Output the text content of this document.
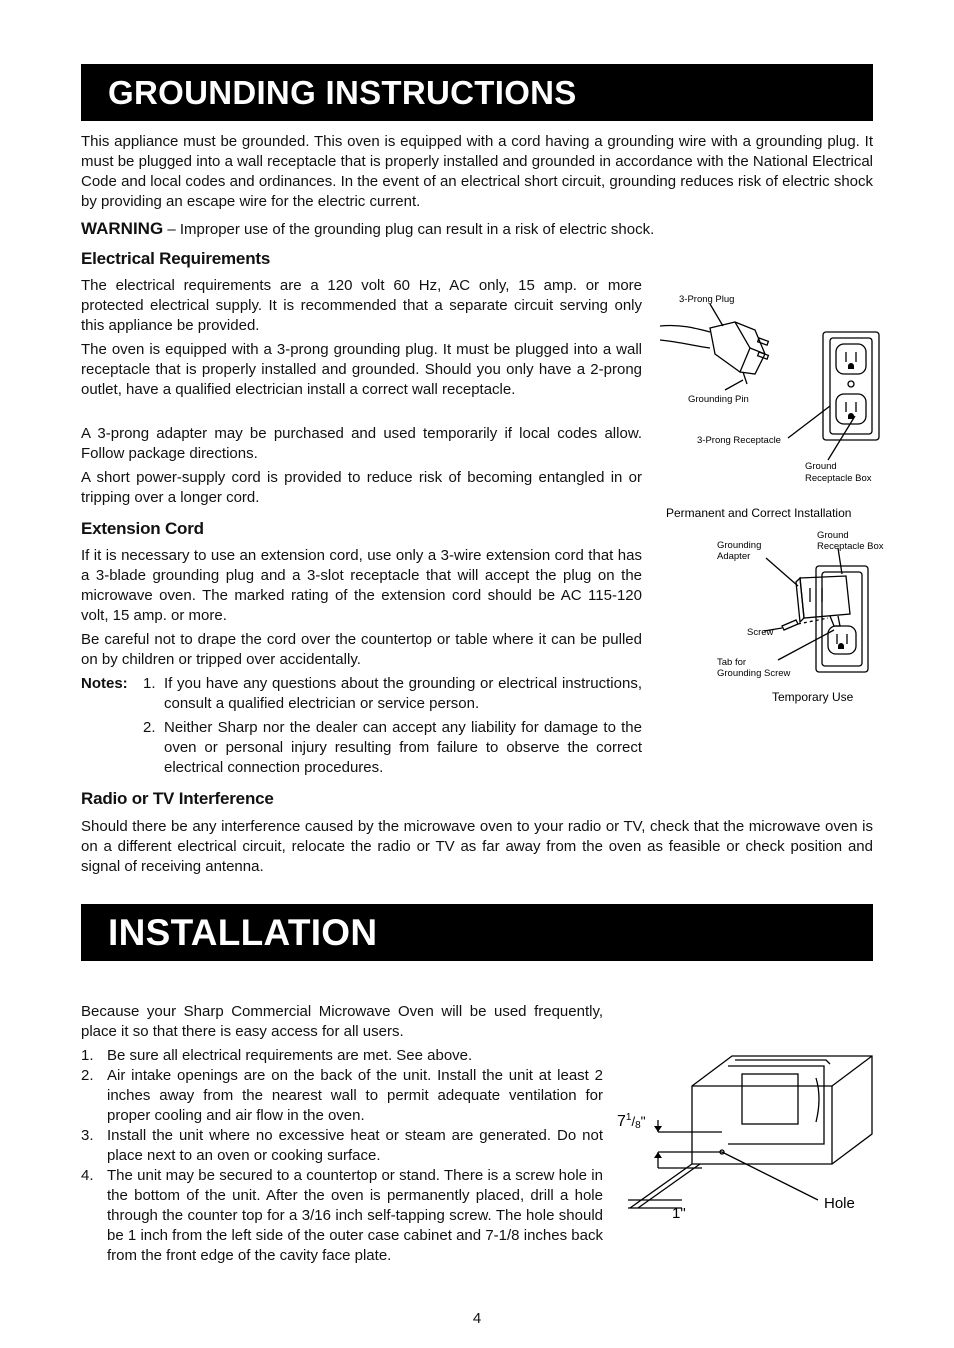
GROUNDING INSTRUCTIONS

This appliance must be grounded. This oven is equipped with a cord having a grounding wire with a grounding plug. It must be plugged into a wall receptacle that is properly installed and grounded in accordance with the National Electrical Code and local codes and ordinances. In the event of an electrical short circuit, grounding reduces risk of electric shock by providing an escape wire for the electric current.

WARNING – Improper use of the grounding plug can result in a risk of electric shock.

Electrical Requirements

The electrical requirements are a 120 volt 60 Hz, AC only, 15 amp. or more protected electrical supply. It is recommended that a separate circuit serving only this appliance be provided.

The oven is equipped with a 3-prong grounding plug. It must be plugged into a wall receptacle that is properly installed and grounded. Should you only have a 2-prong outlet, have a qualified electrician install a correct wall receptacle.

A 3-prong adapter may be purchased and used temporarily if local codes allow. Follow package directions.

A short power-supply cord is provided to reduce risk of becoming entangled in or tripping over a longer cord.

Extension Cord

If it is necessary to use an extension cord, use only a 3-wire extension cord that has a 3-blade grounding plug and a 3-slot receptacle that will accept the plug on the microwave oven. The marked rating of the extension cord should be AC 115-120 volt, 15 amp. or more.

Be careful not to drape the cord over the countertop or table where it can be pulled on by children or tripped over accidentally.

Notes: 1. If you have any questions about the grounding or electrical instructions, consult a qualified electrician or service person.
2. Neither Sharp nor the dealer can accept any liability for damage to the oven or personal injury resulting from failure to observe the correct electrical connection procedures.
3-Prong Plug
Grounding Pin
3-Prong Receptacle
Ground
Receptacle Box
Permanent and Correct Installation
Ground
Receptacle Box
Grounding
Adapter
Screw
Tab for
Grounding Screw
Temporary Use
Radio or TV Interference

Should there be any interference caused by the microwave oven to your radio or TV, check that the microwave oven is on a different electrical circuit, relocate the radio or TV as far away from the oven as feasible or check position and signal of receiving antenna.

INSTALLATION

Because your Sharp Commercial Microwave Oven will be used frequently, place it so that there is easy access for all users.

1. Be sure all electrical requirements are met. See above.
2. Air intake openings are on the back of the unit. Install the unit at least 2 inches away from the nearest wall to permit adequate ventilation for proper cooling and air flow in the oven.
3. Install the unit where no excessive heat or steam are generated. Do not place next to an oven or cooking surface.
4. The unit may be secured to a countertop or stand. There is a screw hole in the bottom of the unit. After the oven is permanently placed, drill a hole through the counter top for a 3/16 inch self-tapping screw. The hole should be 1 inch from the left side of the outer case cabinet and 7-1/8 inches back from the front edge of the cavity face plate.
$7^1_/8$"
1"
Hole
4
